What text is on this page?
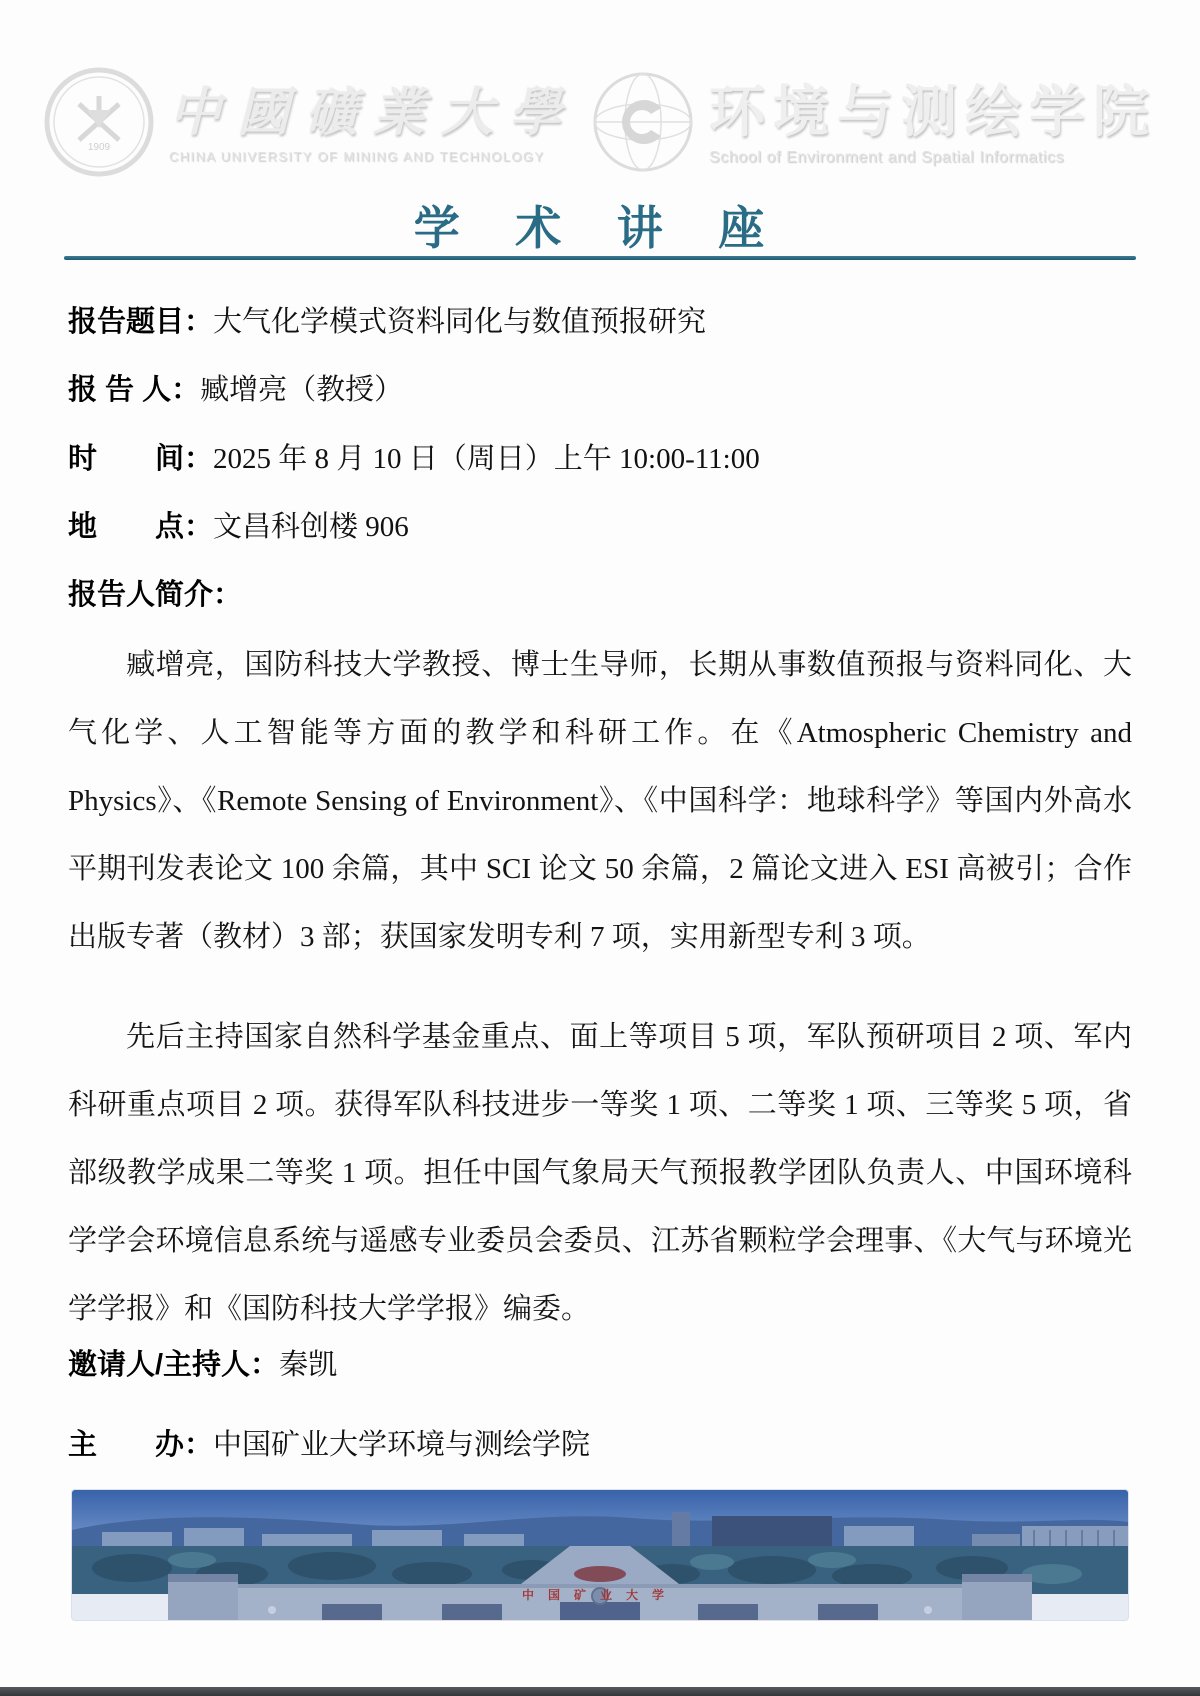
1909
中國礦業大學
CHINA UNIVERSITY OF MINING AND TECHNOLOGY
环境与测绘学院
School of Environment and Spatial Informatics
学 术 讲 座

报告题目：大气化学模式资料同化与数值预报研究

报 告 人：臧增亮（教授）

时　　间：2025 年 8 月 10 日（周日）上午 10:00-11:00

地　　点：文昌科创楼 906

报告人简介：

臧增亮，国防科技大学教授、博士生导师，长期从事数值预报与资料同化、大气化学、人工智能等方面的教学和科研工作。在《Atmospheric Chemistry and Physics》、《Remote Sensing of Environment》、《中国科学：地球科学》等国内外高水平期刊发表论文 100 余篇，其中 SCI 论文 50 余篇，2 篇论文进入 ESI 高被引；合作出版专著（教材）3 部；获国家发明专利 7 项，实用新型专利 3 项。

先后主持国家自然科学基金重点、面上等项目 5 项，军队预研项目 2 项、军内科研重点项目 2 项。获得军队科技进步一等奖 1 项、二等奖 1 项、三等奖 5 项，省部级教学成果二等奖 1 项。担任中国气象局天气预报教学团队负责人、中国环境科学学会环境信息系统与遥感专业委员会委员、江苏省颗粒学会理事、《大气与环境光学学报》和《国防科技大学学报》编委。

邀请人/主持人：秦凯

主　　办：中国矿业大学环境与测绘学院

中国矿业大学
